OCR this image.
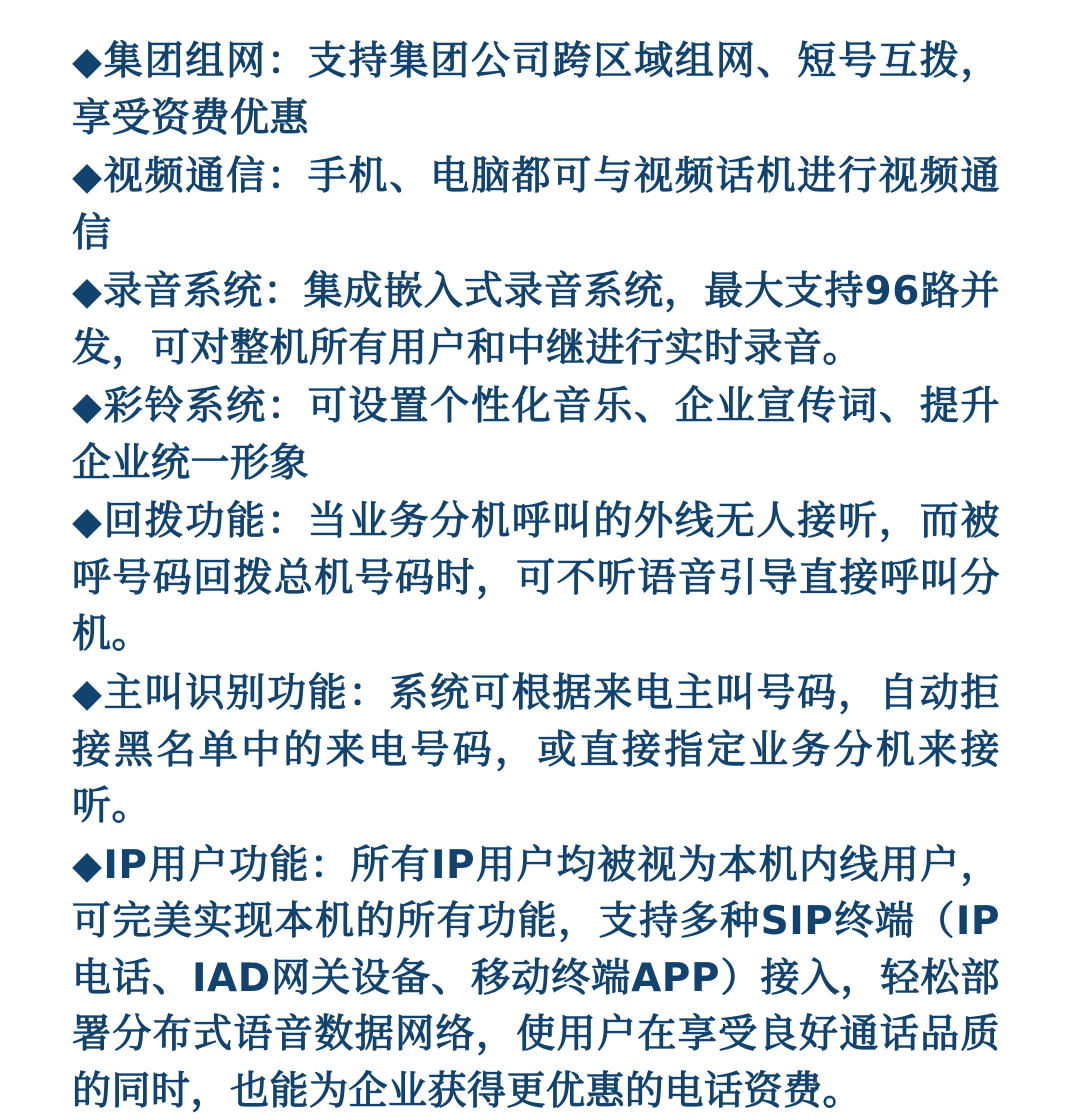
◆集团组网：支持集团公司跨区域组网、短号互拨，享受资费优惠

◆视频通信：手机、电脑都可与视频话机进行视频通信

◆录音系统：集成嵌入式录音系统，最大支持96路并发，可对整机所有用户和中继进行实时录音。

◆彩铃系统：可设置个性化音乐、企业宣传词、提升企业统一形象

◆回拨功能：当业务分机呼叫的外线无人接听，而被呼号码回拨总机号码时，可不听语音引导直接呼叫分机。

◆主叫识别功能：系统可根据来电主叫号码，自动拒接黑名单中的来电号码，或直接指定业务分机来接听。

◆IP用户功能：所有IP用户均被视为本机内线用户，可完美实现本机的所有功能，支持多种SIP终端（IP电话、IAD网关设备、移动终端APP）接入，轻松部署分布式语音数据网络，使用户在享受良好通话品质的同时，也能为企业获得更优惠的电话资费。
